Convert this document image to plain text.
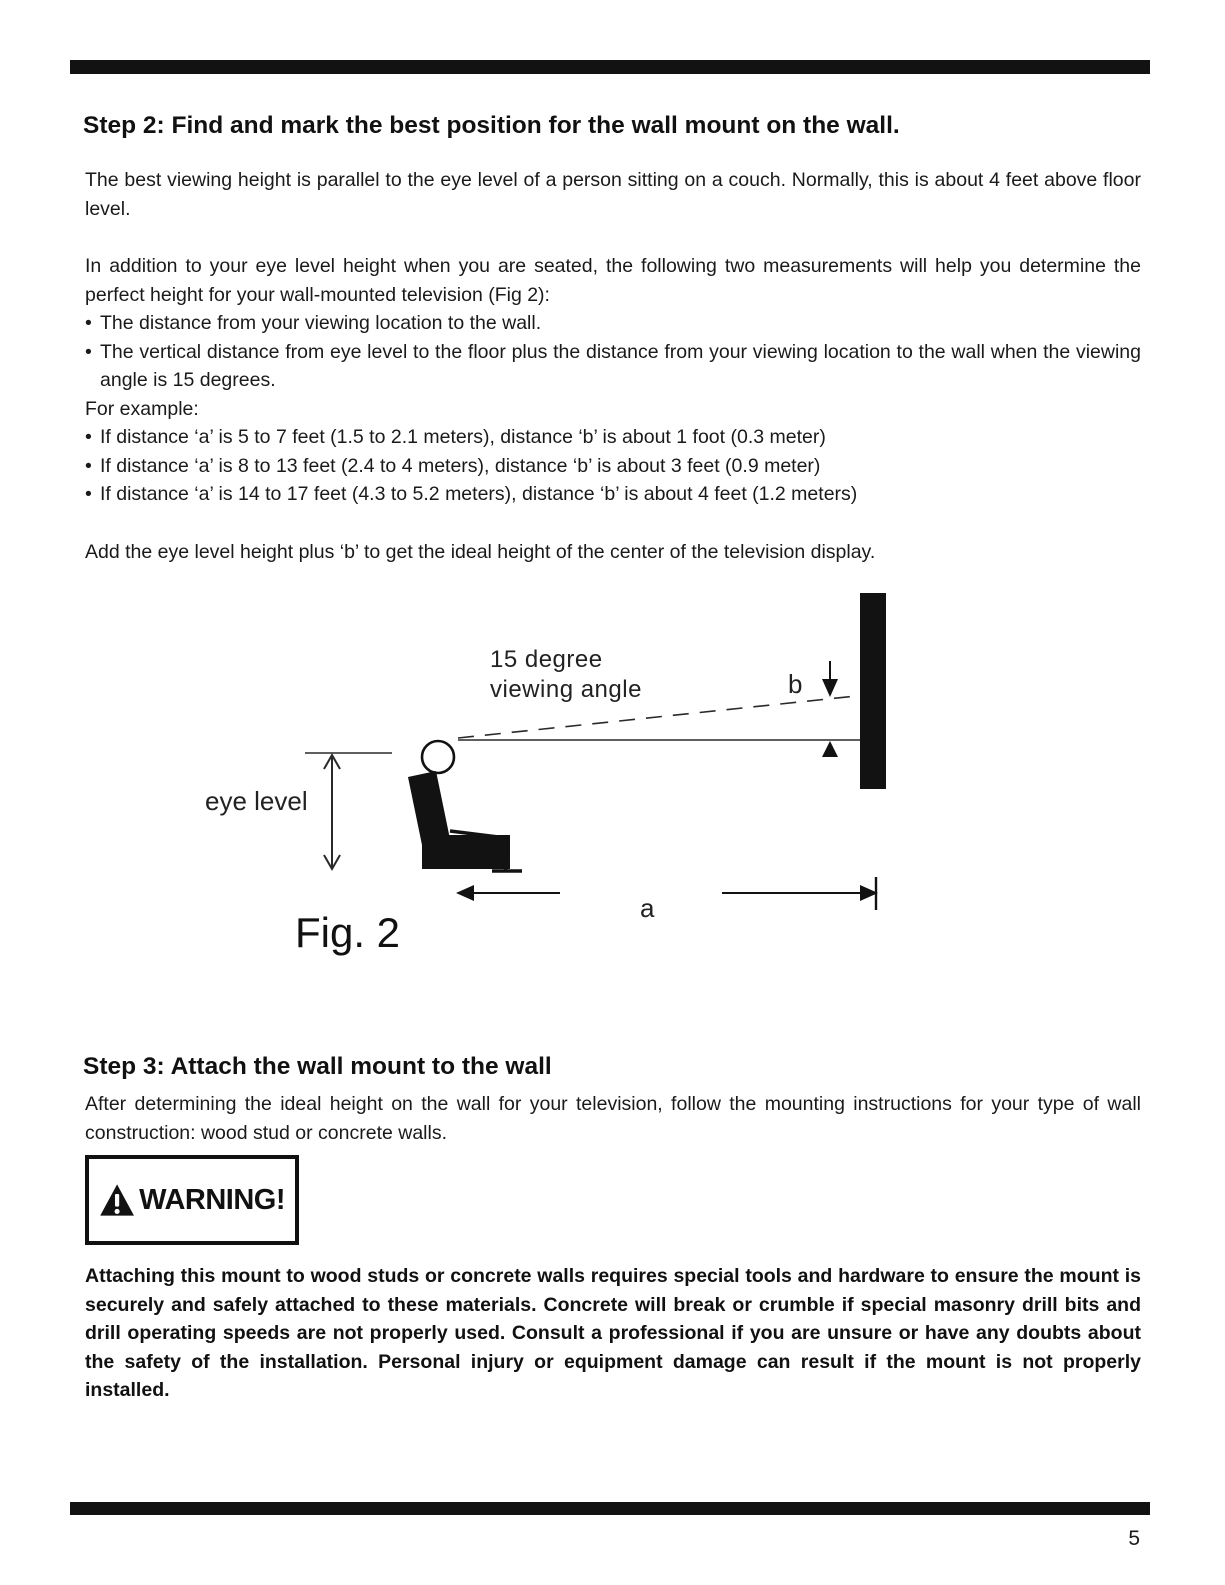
Step 2: Find and mark the best position for the wall mount on the wall.

The best viewing height is parallel to the eye level of a person sitting on a couch. Normally, this is about 4 feet above floor level.

In addition to your eye level height when you are seated, the following two measurements will help you determine the perfect height for your wall-mounted television (Fig 2):
• The distance from your viewing location to the wall.
• The vertical distance from eye level to the floor plus the distance from your viewing location to the wall when the viewing angle is 15 degrees.
For example:
• If distance ‘a’ is 5 to 7 feet (1.5 to 2.1 meters), distance ‘b’ is about 1 foot (0.3 meter)
• If distance ‘a’ is 8 to 13 feet (2.4 to 4 meters), distance ‘b’ is about 3 feet (0.9 meter)
• If distance ‘a’ is 14 to 17 feet (4.3 to 5.2 meters), distance ‘b’ is about 4 feet (1.2 meters)

Add the eye level height plus ‘b’ to get the ideal height of the center of the television display.

15 degree
viewing angle	b
eye level
a
Fig. 2
Step 3: Attach the wall mount to the wall

After determining the ideal height on the wall for your television, follow the mounting instructions for your type of wall construction: wood stud or concrete walls.

WARNING!

Attaching this mount to wood studs or concrete walls requires special tools and hardware to ensure the mount is securely and safely attached to these materials. Concrete will break or crumble if special masonry drill bits and drill operating speeds are not properly used. Consult a professional if you are unsure or have any doubts about the safety of the installation. Personal injury or equipment damage can result if the mount is not properly installed.

5
